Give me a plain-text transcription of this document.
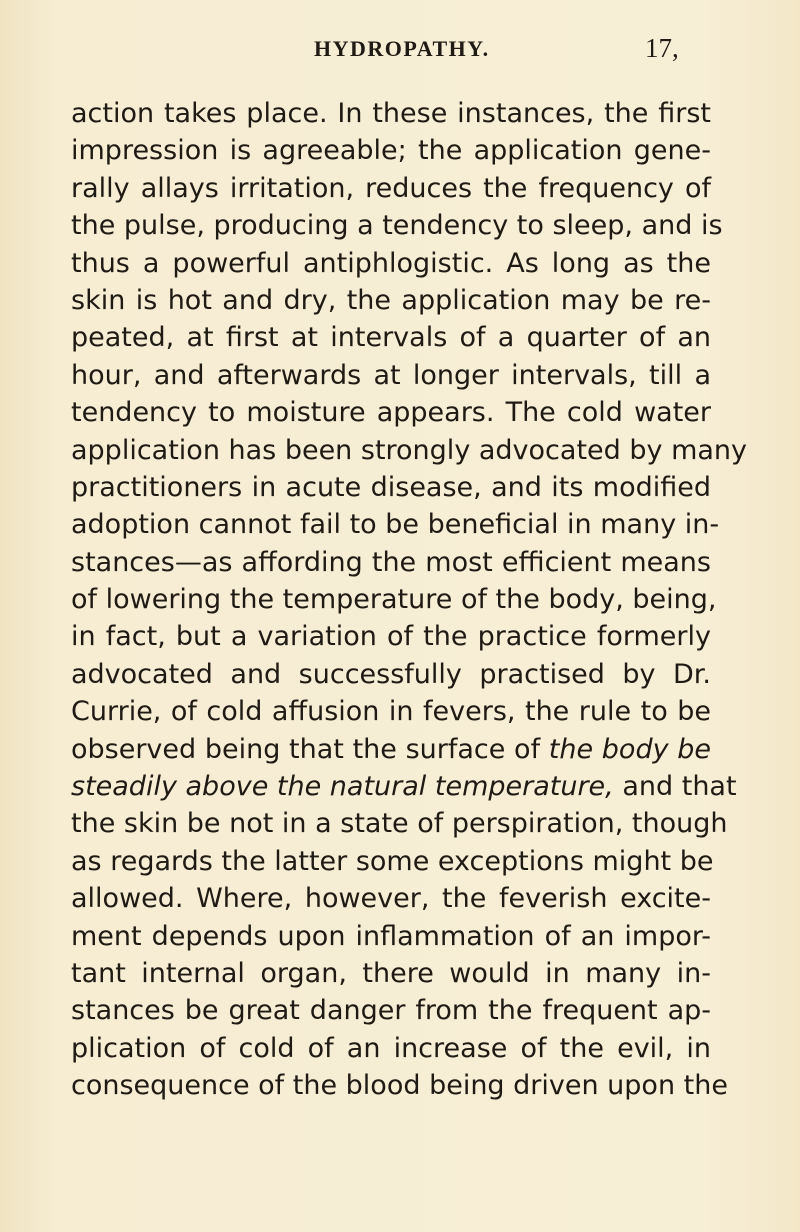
HYDROPATHY.	17,
action takes place. In these instances, the first
impression is agreeable; the application gene-
rally allays irritation, reduces the frequency of
the pulse, producing a tendency to sleep, and is
thus a powerful antiphlogistic. As long as the
skin is hot and dry, the application may be re-
peated, at first at intervals of a quarter of an
hour, and afterwards at longer intervals, till a
tendency to moisture appears. The cold water
application has been strongly advocated by many
practitioners in acute disease, and its modified
adoption cannot fail to be beneficial in many in-
stances—as affording the most efficient means
of lowering the temperature of the body, being,
in fact, but a variation of the practice formerly
advocated and successfully practised by Dr.
Currie, of cold affusion in fevers, the rule to be
observed being that the surface of the body be
steadily above the natural temperature, and that
the skin be not in a state of perspiration, though
as regards the latter some exceptions might be
allowed. Where, however, the feverish excite-
ment depends upon inflammation of an impor-
tant internal organ, there would in many in-
stances be great danger from the frequent ap-
plication of cold of an increase of the evil, in
consequence of the blood being driven upon the
